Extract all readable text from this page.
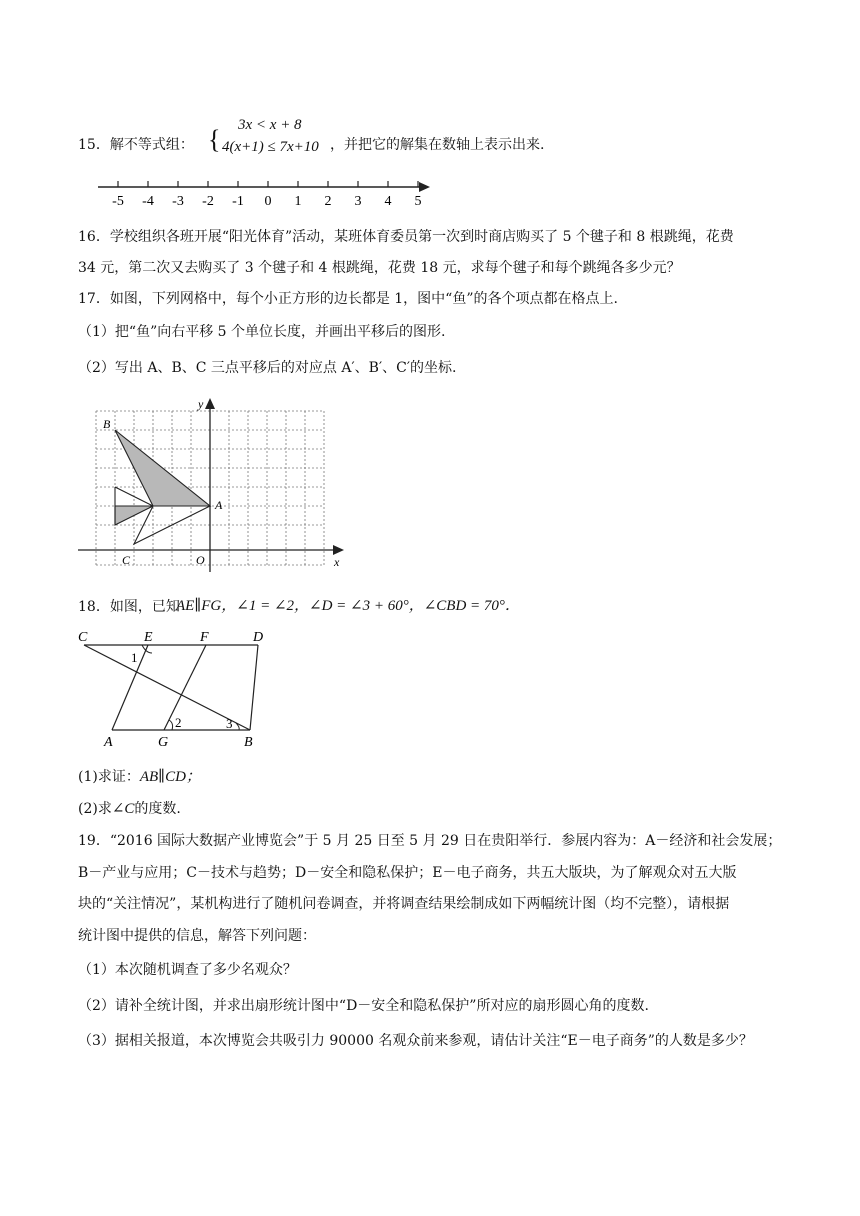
15．解不等式组： { 3x < x + 8
4(x+1) ≤ 7x+10 ，并把它的解集在数轴上表示出来.
-5 -4 -3 -2 -1 0 1 2 3 4 5
16．学校组织各班开展“阳光体育”活动，某班体育委员第一次到时商店购买了 5 个毽子和 8 根跳绳，花费
34 元，第二次又去购买了 3 个毽子和 4 根跳绳，花费 18 元，求每个毽子和每个跳绳各多少元？
17．如图，下列网格中，每个小正方形的边长都是 1，图中“鱼”的各个项点都在格点上.
（1）把“鱼”向右平移 5 个单位长度，并画出平移后的图形.
（2）写出 A、B、C 三点平移后的对应点 A′、B′、C′的坐标.
B
A
C	O	x
y
18．如图，已知
AE∥FG，∠1 = ∠2，∠D = ∠3 + 60°，∠CBD = 70°．
C	E	F	D
A	G	B
1
2	3
(1)求证：AB∥CD；
(2)求∠C的度数.
19．“2016 国际大数据产业博览会”于 5 月 25 日至 5 月 29 日在贵阳举行．参展内容为：A－经济和社会发展；
B－产业与应用；C－技术与趋势；D－安全和隐私保护；E－电子商务，共五大版块，为了解观众对五大版
块的“关注情况”，某机构进行了随机问卷调查，并将调查结果绘制成如下两幅统计图（均不完整），请根据
统计图中提供的信息，解答下列问题：
（1）本次随机调查了多少名观众？
（2）请补全统计图，并求出扇形统计图中“D－安全和隐私保护”所对应的扇形圆心角的度数.
（3）据相关报道，本次博览会共吸引力 90000 名观众前来参观，请估计关注“E－电子商务”的人数是多少？
